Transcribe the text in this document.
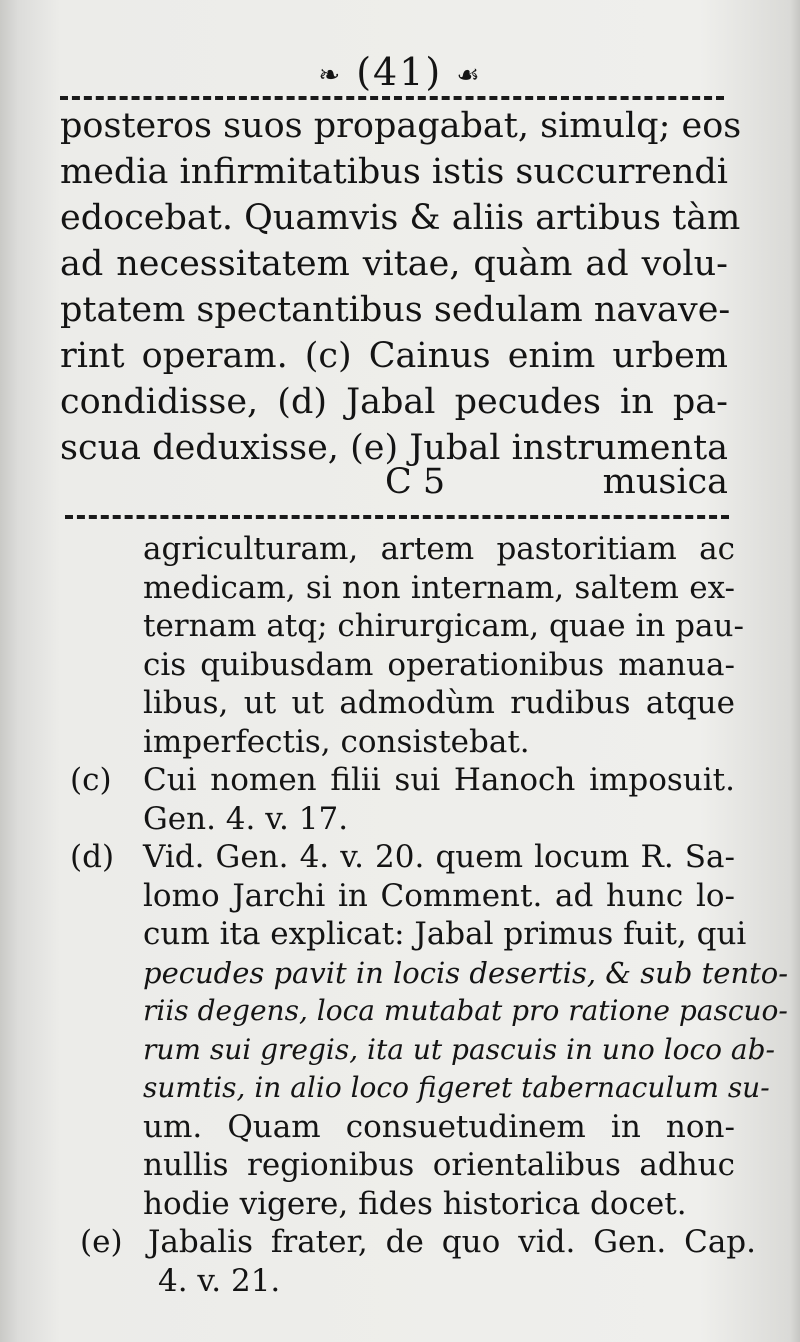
❧ (41) ☙
posteros suos propagabat, simulq; eos
media infirmitatibus istis succurrendi
edocebat. Quamvis & aliis artibus tàm
ad necessitatem vitae, quàm ad volu-
ptatem spectantibus sedulam navave-
rint operam. (c) Cainus enim urbem
condidisse, (d) Jabal pecudes in pa-
scua deduxisse, (e) Jubal instrumenta
C 5	musica
agriculturam, artem pastoritiam ac
medicam, si non internam, saltem ex-
ternam atq; chirurgicam, quae in pau-
cis quibusdam operationibus manua-
libus, ut ut admodùm rudibus atque
imperfectis, consistebat.
(c) Cui nomen filii sui Hanoch imposuit.
Gen. 4. v. 17.
(d) Vid. Gen. 4. v. 20. quem locum R. Sa-
lomo Jarchi in Comment. ad hunc lo-
cum ita explicat: Jabal primus fuit, qui
pecudes pavit in locis desertis, & sub tento-
riis degens, loca mutabat pro ratione pascuo-
rum sui gregis, ita ut pascuis in uno loco ab-
sumtis, in alio loco figeret tabernaculum su-
um. Quam consuetudinem in non-
nullis regionibus orientalibus adhuc
hodie vigere, fides historica docet.
(e) Jabalis frater, de quo vid. Gen. Cap.
4. v. 21.
